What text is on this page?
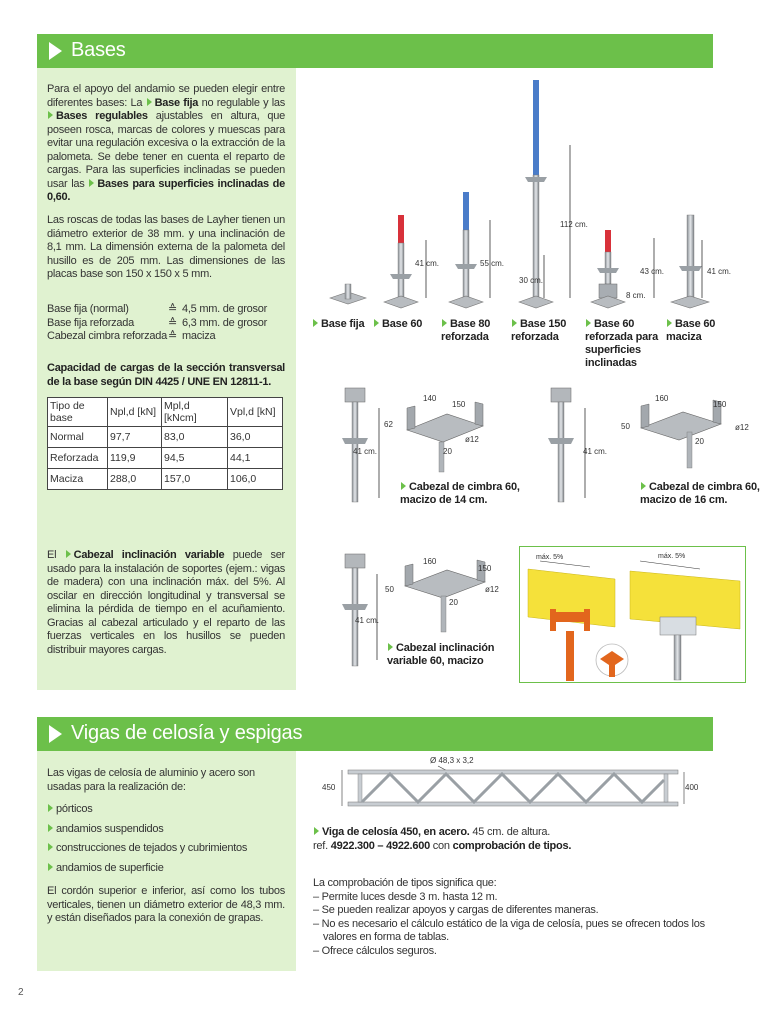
Bases
Para el apoyo del andamio se pueden elegir entre diferentes bases: La Base fija no regulable y las Bases regulables ajustables en altura, que poseen rosca, marcas de colores y muescas para evitar una regulación excesiva o la extracción de la palometa. Se debe tener en cuenta el reparto de cargas. Para las superficies inclinadas se pueden usar las Bases para superficies inclinadas de 0,60.
Las roscas de todas las bases de Layher tienen un diámetro exterior de 38 mm. y una inclinación de 8,1 mm. La dimensión externa de la palometa del husillo es de 205 mm. Las dimensiones de las placas base son 150 x 150 x 5 mm.
Base fija (normal)	≙ 4,5 mm. de grosor
Base fija reforzada	≙ 6,3 mm. de grosor
Cabezal cimbra reforzada ≙ maciza
Capacidad de cargas de la sección transversal de la base según DIN 4425 / UNE EN 12811-1.
Tipo de base	Npl,d [kN]	Mpl,d [kNcm]	Vpl,d [kN]
Normal	97,7	83,0	36,0
Reforzada	119,9	94,5	44,1
Maciza	288,0	157,0	106,0
El Cabezal inclinación variable puede ser usado para la instalación de soportes (ejem.: vigas de madera) con una inclinación máx. del 5%. Al oscilar en dirección longitudinal y transversal se elimina la pérdida de tiempo en el acuñamiento. Gracias al cabezal articulado y el reparto de las fuerzas verticales en los husillos se pueden distribuir mayores cargas.
41 cm.	55 cm.
112 cm.
30 cm.
43 cm.
8 cm.
41 cm.
Base fija	Base 60	Base 80 reforzada
Base 150 reforzada
Base 60 reforzada para superficies inclinadas
Base 60 maciza
41 cm.
140
150
62
ø12
20	41 cm.
160
150
50	ø12
20
Cabezal de cimbra 60, macizo de 14 cm.
Cabezal de cimbra 60, macizo de 16 cm.
41 cm.
160
150
50	ø12
20
Cabezal inclinación variable 60, macizo
máx. 5%	máx. 5%
Vigas de celosía y espigas
Las vigas de celosía de aluminio y acero son usadas para la realización de:
pórticos
andamios suspendidos
construcciones de tejados y cubrimientos
andamios de superficie
El cordón superior e inferior, así como los tubos verticales, tienen un diámetro exterior de 48,3 mm. y están diseñados para la conexión de grapas.
Ø 48,3 x 3,2
450	400
Viga de celosía 450, en acero. 45 cm. de altura.
ref. 4922.300 – 4922.600 con comprobación de tipos.
La comprobación de tipos significa que:
– Permite luces desde 3 m. hasta 12 m.
– Se pueden realizar apoyos y cargas de diferentes maneras.
– No es necesario el cálculo estático de la viga de celosía, pues se ofrecen todos los valores en forma de tablas.
– Ofrece cálculos seguros.
2
